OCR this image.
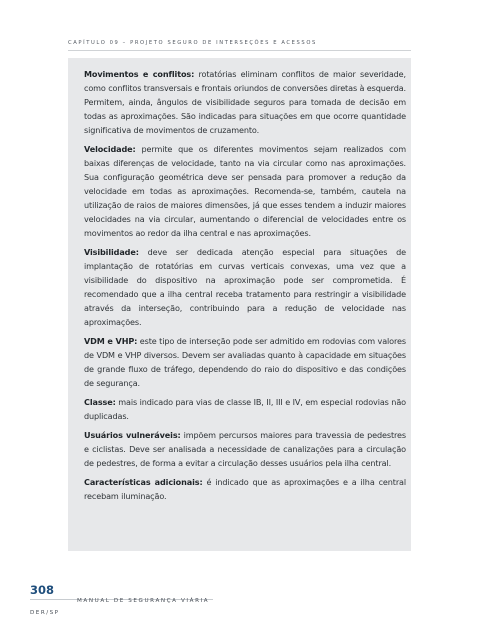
CAPÍTULO 09 – PROJETO SEGURO DE INTERSEÇÕES E ACESSOS

Movimentos e conflitos: rotatórias eliminam conflitos de maior severidade, como conflitos transversais e frontais oriundos de conversões diretas à esquerda. Permitem, ainda, ângulos de visibilidade seguros para tomada de decisão em todas as aproximações. São indicadas para situações em que ocorre quantidade significativa de movimentos de cruzamento.

Velocidade: permite que os diferentes movimentos sejam realizados com baixas diferenças de velocidade, tanto na via circular como nas aproximações. Sua configuração geométrica deve ser pensada para promover a redução da velocidade em todas as aproximações. Recomenda-se, também, cautela na utilização de raios de maiores dimensões, já que esses tendem a induzir maiores velocidades na via circular, aumentando o diferencial de velocidades entre os movimentos ao redor da ilha central e nas aproximações.

Visibilidade: deve ser dedicada atenção especial para situações de implantação de rotatórias em curvas verticais convexas, uma vez que a visibilidade do dispositivo na aproximação pode ser comprometida. É recomendado que a ilha central receba tratamento para restringir a visibilidade através da interseção, contribuindo para a redução de velocidade nas aproximações.

VDM e VHP: este tipo de interseção pode ser admitido em rodovias com valores de VDM e VHP diversos. Devem ser avaliadas quanto à capacidade em situações de grande fluxo de tráfego, dependendo do raio do dispositivo e das condições de segurança.

Classe: mais indicado para vias de classe IB, II, III e IV, em especial rodovias não duplicadas.

Usuários vulneráveis: impõem percursos maiores para travessia de pedestres e ciclistas. Deve ser analisada a necessidade de canalizações para a circulação de pedestres, de forma a evitar a circulação desses usuários pela ilha central.

Características adicionais: é indicado que as aproximações e a ilha central recebam iluminação.

308
MANUAL DE SEGURANÇA VIÁRIA
DER/SP
